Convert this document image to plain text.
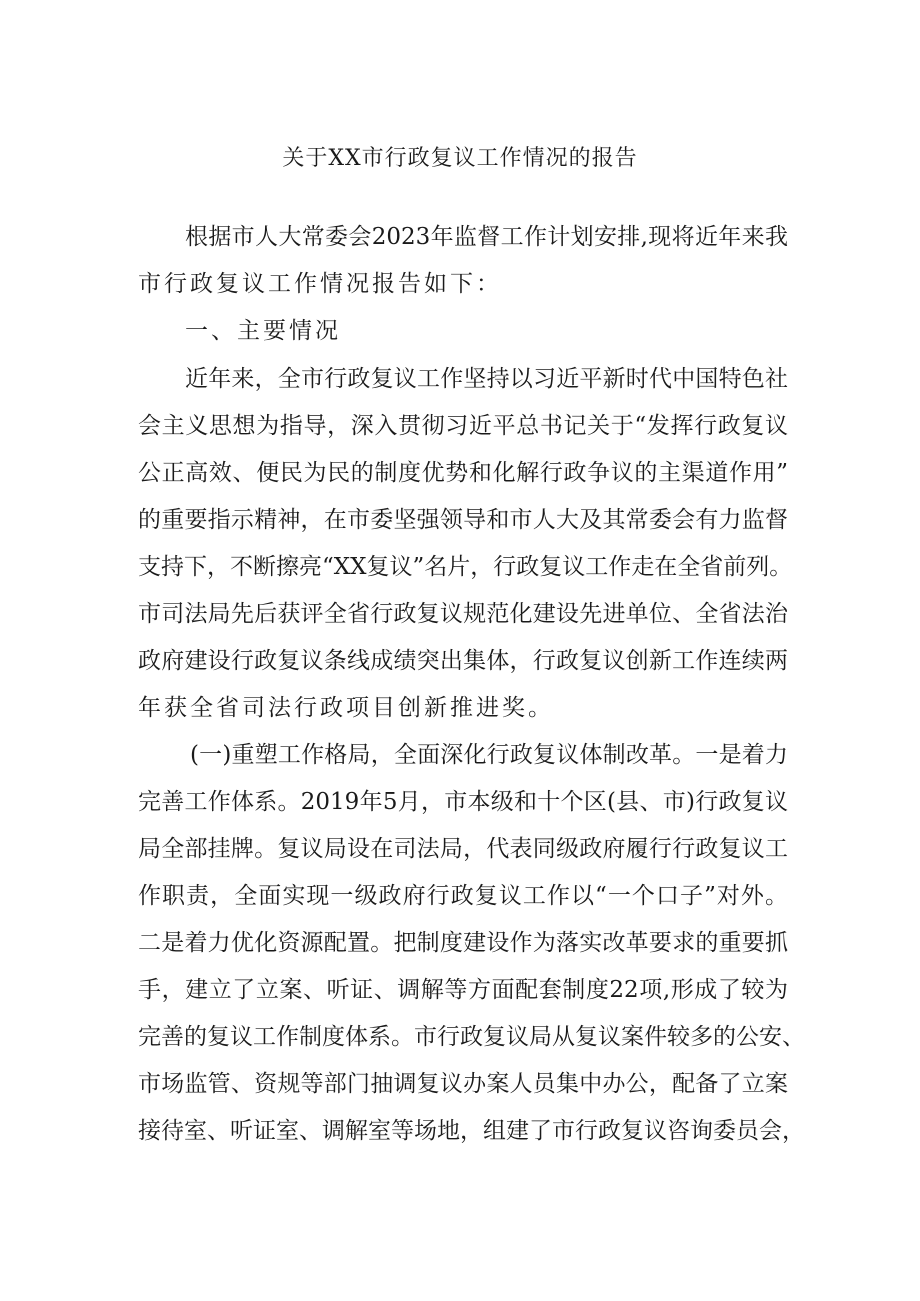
关于XX市行政复议工作情况的报告
根据市人大常委会2023年监督工作计划安排,现将近年来我
市行政复议工作情况报告如下：
一、主要情况
近年来，全市行政复议工作坚持以习近平新时代中国特色社
会主义思想为指导，深入贯彻习近平总书记关于“发挥行政复议
公正高效、便民为民的制度优势和化解行政争议的主渠道作用”
的重要指示精神，在市委坚强领导和市人大及其常委会有力监督
支持下，不断擦亮“XX复议”名片，行政复议工作走在全省前列。
市司法局先后获评全省行政复议规范化建设先进单位、全省法治
政府建设行政复议条线成绩突出集体，行政复议创新工作连续两
年获全省司法行政项目创新推进奖。
(一)重塑工作格局，全面深化行政复议体制改革。一是着力
完善工作体系。2019年5月，市本级和十个区(县、市)行政复议
局全部挂牌。复议局设在司法局，代表同级政府履行行政复议工
作职责，全面实现一级政府行政复议工作以“一个口子”对外。
二是着力优化资源配置。把制度建设作为落实改革要求的重要抓
手，建立了立案、听证、调解等方面配套制度22项,形成了较为
完善的复议工作制度体系。市行政复议局从复议案件较多的公安、
市场监管、资规等部门抽调复议办案人员集中办公，配备了立案
接待室、听证室、调解室等场地，组建了市行政复议咨询委员会，
